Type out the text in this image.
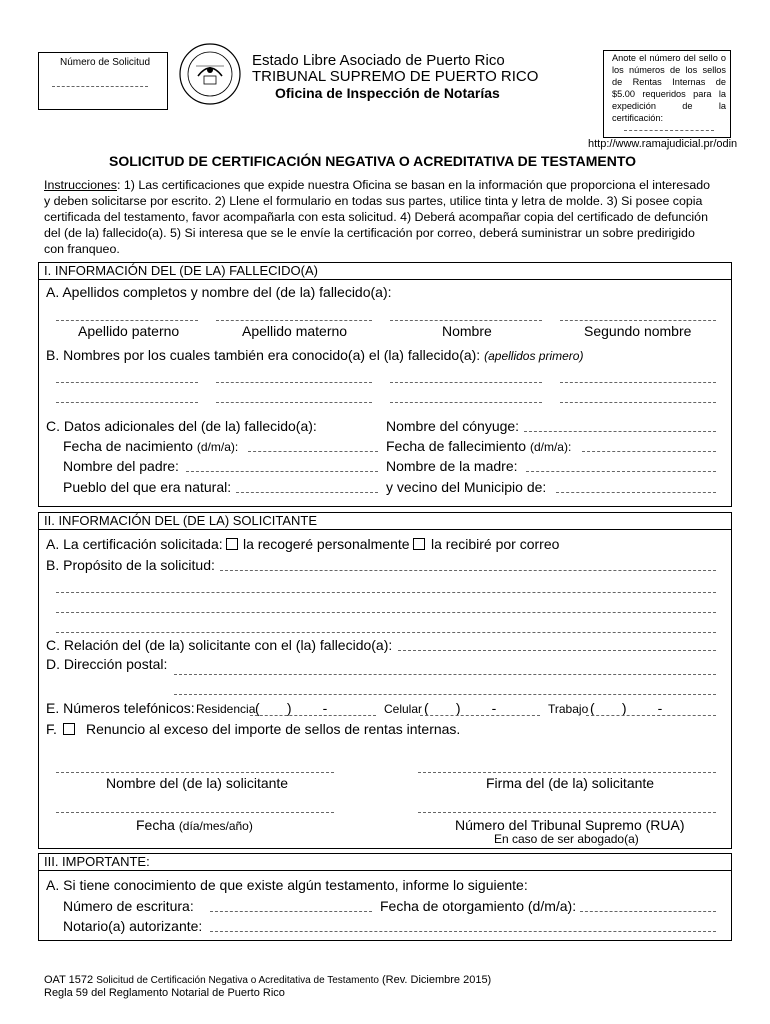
Número de Solicitud	Estado Libre Asociado de Puerto Rico
TRIBUNAL SUPREMO DE PUERTO RICO
Oficina de Inspección de Notarías
Anote el número del sello o los números de los sellos de Rentas Internas de $5.00 requeridos para la expedición de la certificación:
http://www.ramajudicial.pr/odin
SOLICITUD DE CERTIFICACIÓN NEGATIVA O ACREDITATIVA DE TESTAMENTO
Instrucciones: 1) Las certificaciones que expide nuestra Oficina se basan en la información que proporciona el interesado
y deben solicitarse por escrito. 2) Llene el formulario en todas sus partes, utilice tinta y letra de molde. 3) Si posee copia
certificada del testamento, favor acompañarla con esta solicitud. 4) Deberá acompañar copia del certificado de defunción
del (de la) fallecido(a). 5) Si interesa que se le envíe la certificación por correo, deberá suministrar un sobre predirigido
con franqueo.
I. INFORMACIÓN DEL (DE LA) FALLECIDO(A)
A. Apellidos completos y nombre del (de la) fallecido(a):
Apellido paterno	Apellido materno	Nombre	Segundo nombre
B. Nombres por los cuales también era conocido(a) el (la) fallecido(a): (apellidos primero)
C. Datos adicionales del (de la) fallecido(a):	Nombre del cónyuge:
Fecha de nacimiento (d/m/a):	Fecha de fallecimiento (d/m/a):
Nombre del padre:	Nombre de la madre:
Pueblo del que era natural:	y vecino del Municipio de:
II. INFORMACIÓN DEL (DE LA) SOLICITANTE
A. La certificación solicitada: la recogeré personalmente la recibiré por correo
B. Propósito de la solicitud:
C. Relación del (de la) solicitante con el (la) fallecido(a):
D. Dirección postal:
E. Números telefónicos: Residencia (       )        -	Celular (       )        -	Trabajo (       )        -
F. Renuncio al exceso del importe de sellos de rentas internas.
Nombre del (de la) solicitante	Firma del (de la) solicitante
Fecha (día/mes/año)	Número del Tribunal Supremo (RUA)
En caso de ser abogado(a)
III. IMPORTANTE:
A. Si tiene conocimiento de que existe algún testamento, informe lo siguiente:
Número de escritura:	Fecha de otorgamiento (d/m/a):
Notario(a) autorizante:
OAT 1572 Solicitud de Certificación Negativa o Acreditativa de Testamento (Rev. Diciembre 2015)
Regla 59 del Reglamento Notarial de Puerto Rico
